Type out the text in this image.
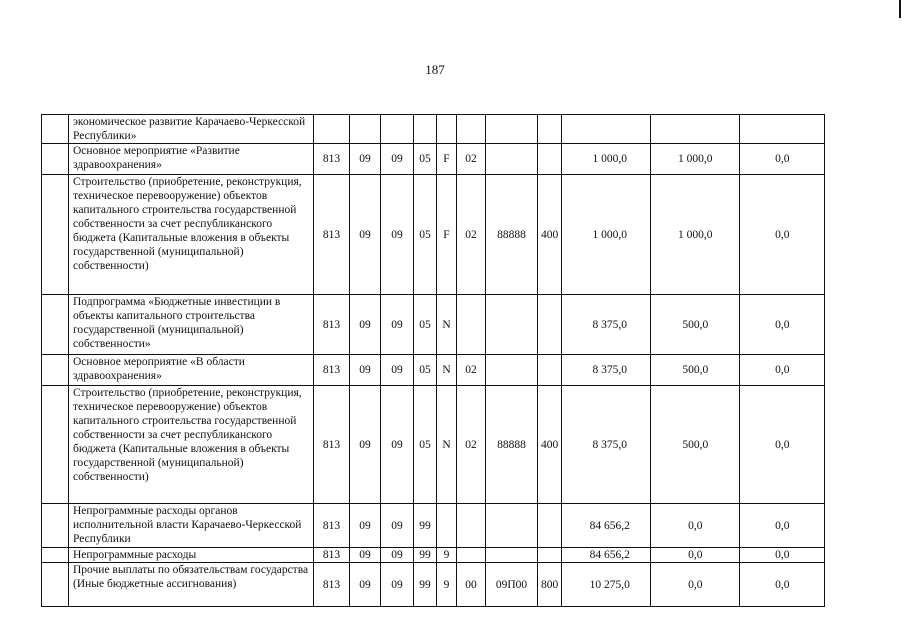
187
	экономическое развитие Карачаево-Черкесской Республики»											
	Основное мероприятие «Развитие здравоохранения»	813	09	09	05	F	02			1 000,0	1 000,0	0,0
	Строительство (приобретение, реконструкция, техническое перевооружение) объектов капитального строительства государственной собственности за счет республиканского бюджета (Капитальные вложения в объекты государственной (муниципальной) собственности)	813	09	09	05	F	02	88888	400	1 000,0	1 000,0	0,0
	Подпрограмма «Бюджетные инвестиции в объекты капитального строительства государственной (муниципальной) собственности»	813	09	09	05	N				8 375,0	500,0	0,0
	Основное мероприятие «В области здравоохранения»	813	09	09	05	N	02			8 375,0	500,0	0,0
	Строительство (приобретение, реконструкция, техническое перевооружение) объектов капитального строительства государственной собственности за счет республиканского бюджета (Капитальные вложения в объекты государственной (муниципальной) собственности)	813	09	09	05	N	02	88888	400	8 375,0	500,0	0,0
	Непрограммные расходы органов исполнительной власти Карачаево-Черкесской Республики	813	09	09	99					84 656,2	0,0	0,0
	Непрограммные расходы	813	09	09	99	9				84 656,2	0,0	0,0
	Прочие выплаты по обязательствам государства (Иные бюджетные ассигнования)	813	09	09	99	9	00	09П00	800	10 275,0	0,0	0,0
